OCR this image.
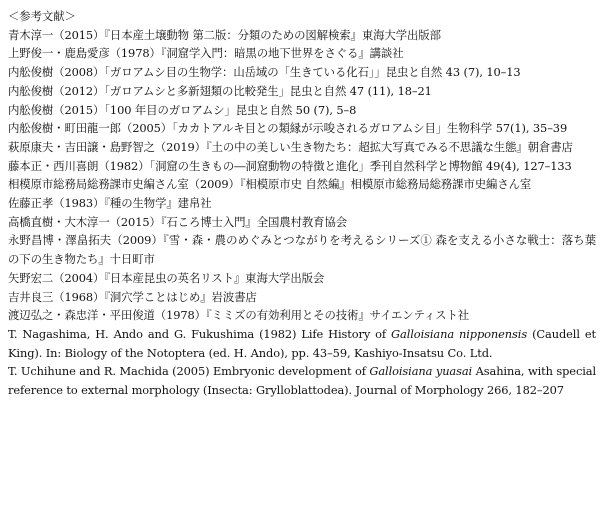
＜参考文献＞
青木淳一（2015）『日本産土壌動物 第二版：分類のための図解検索』東海大学出版部
上野俊一・鹿島愛彦（1978）『洞窟学入門：暗黒の地下世界をさぐる』講談社
内舩俊樹（2008）「ガロアムシ目の生物学：山岳域の「生きている化石」」昆虫と自然 43 (7), 10–13
内舩俊樹（2012）「ガロアムシと多新翅類の比較発生」昆虫と自然 47 (11), 18–21
内舩俊樹（2015）「100 年目のガロアムシ」昆虫と自然 50 (7), 5–8
内舩俊樹・町田龍一郎（2005）「カカトアルキ目との類縁が示唆されるガロアムシ目」生物科学 57(1), 35–39
萩原康夫・吉田譲・島野智之（2019）『土の中の美しい生き物たち：超拡大写真でみる不思議な生態』朝倉書店
藤本正・西川喜朗（1982）「洞窟の生きもの―洞窟動物の特徴と進化」季刊自然科学と博物館 49(4), 127–133
相模原市総務局総務課市史編さん室（2009）『相模原市史 自然編』相模原市総務局総務課市史編さん室
佐藤正孝（1983）『種の生物学』建帛社
高橋直樹・大木淳一（2015）『石ころ博士入門』全国農村教育協会
永野昌博・澤畠拓夫（2009）『雪・森・農のめぐみとつながりを考えるシリーズ① 森を支える小さな戦士：落ち葉の下の生き物たち』十日町市
矢野宏二（2004）『日本産昆虫の英名リスト』東海大学出版会
吉井良三（1968）『洞穴学ことはじめ』岩波書店
渡辺弘之・森忠洋・平田俊道（1978）『ミミズの有効利用とその技術』サイエンティスト社
T. Nagashima, H. Ando and G. Fukushima (1982) Life History of Galloisiana nipponensis (Caudell et King). In: Biology of the Notoptera (ed. H. Ando), pp. 43–59, Kashiyo-Insatsu Co. Ltd.
T. Uchihune and R. Machida (2005) Embryonic development of Galloisiana yuasai Asahina, with special reference to external morphology (Insecta: Grylloblattodea). Journal of Morphology 266, 182–207
